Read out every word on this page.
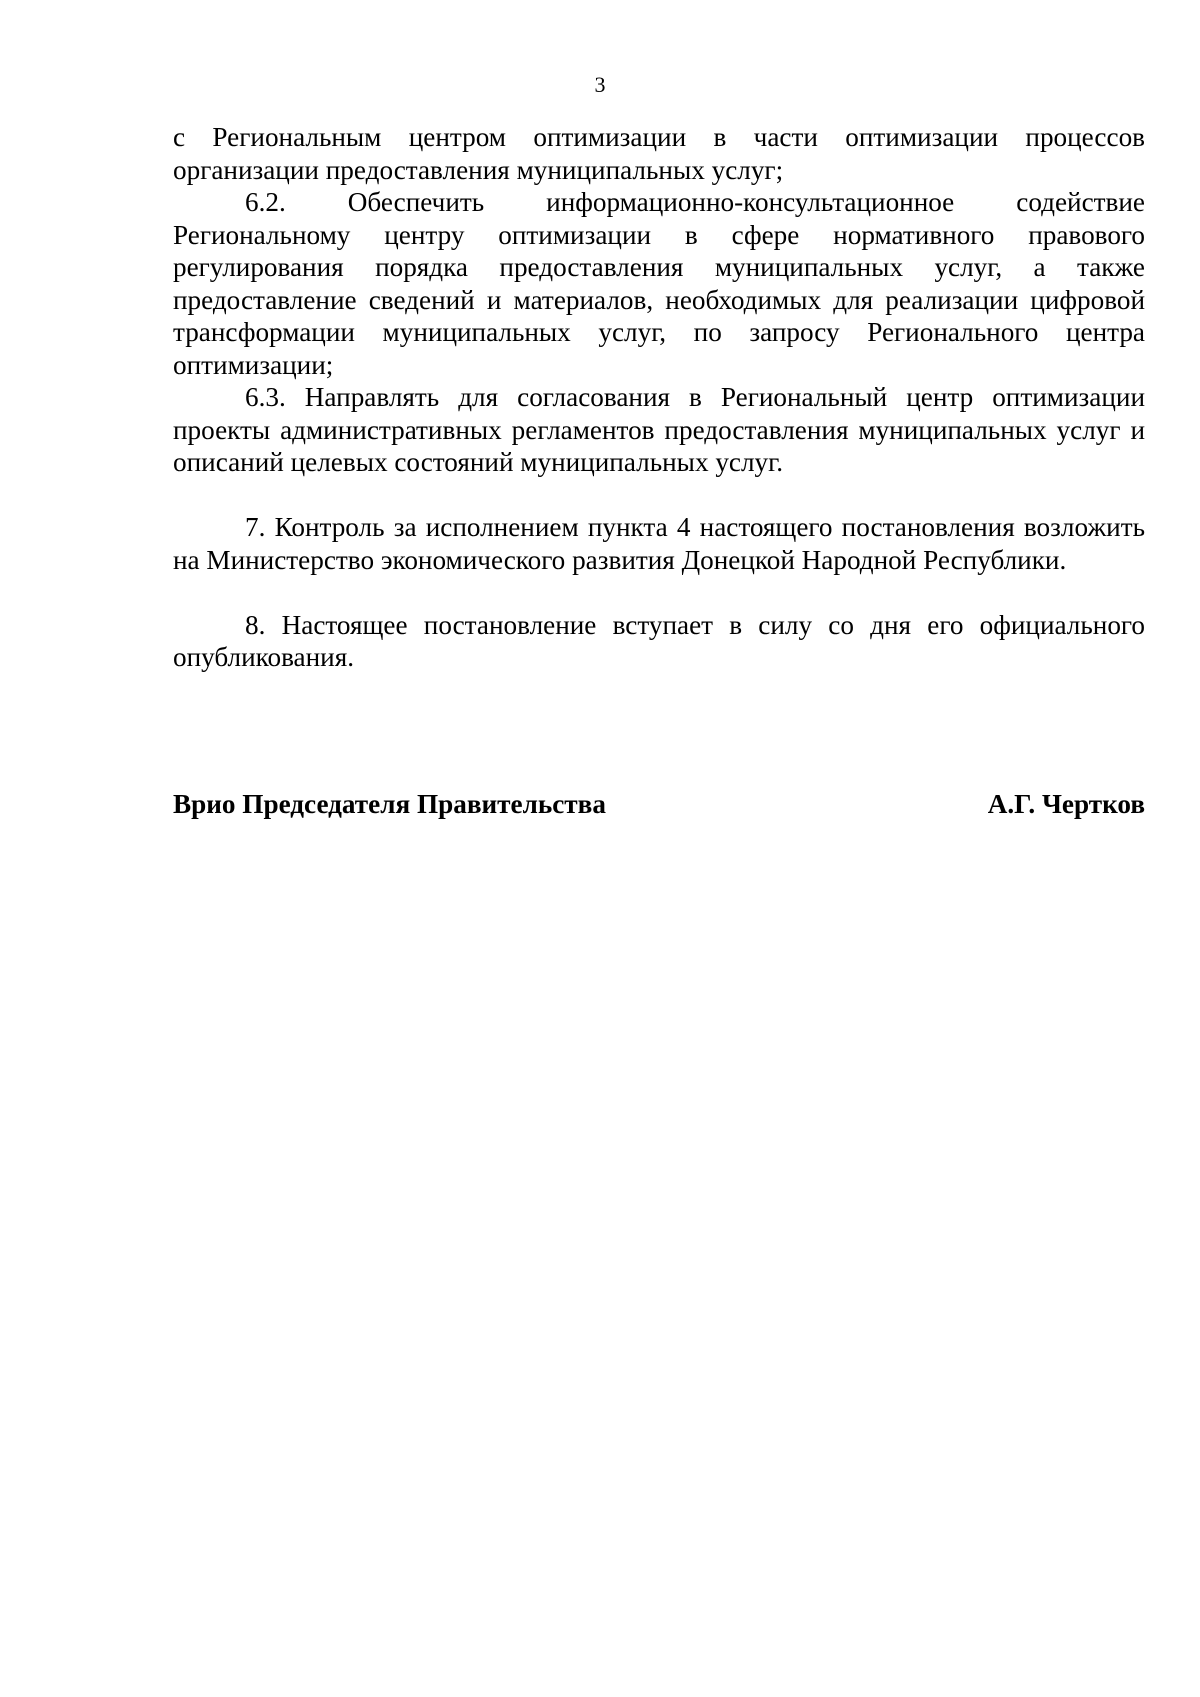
3

с Региональным центром оптимизации в части оптимизации процессов организации предоставления муниципальных услуг;

6.2. Обеспечить информационно-консультационное содействие Региональному центру оптимизации в сфере нормативного правового регулирования порядка предоставления муниципальных услуг, а также предоставление сведений и материалов, необходимых для реализации цифровой трансформации муниципальных услуг, по запросу Регионального центра оптимизации;

6.3. Направлять для согласования в Региональный центр оптимизации проекты административных регламентов предоставления муниципальных услуг и описаний целевых состояний муниципальных услуг.

7. Контроль за исполнением пункта 4 настоящего постановления возложить на Министерство экономического развития Донецкой Народной Республики.

8. Настоящее постановление вступает в силу со дня его официального опубликования.

Врио Председателя Правительства	А.Г. Чертков
